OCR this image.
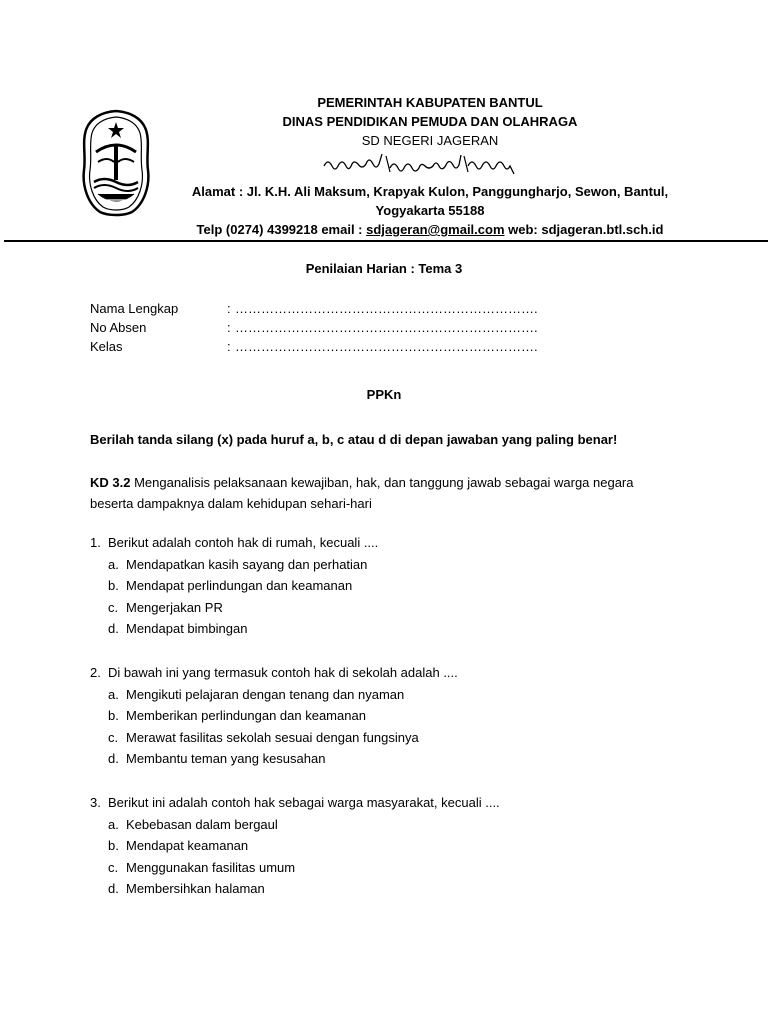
PEMERINTAH KABUPATEN BANTUL
DINAS PENDIDIKAN PEMUDA DAN OLAHRAGA
SD NEGERI JAGERAN
Alamat : Jl. K.H. Ali Maksum, Krapyak Kulon, Panggungharjo, Sewon, Bantul,
Yogyakarta 55188
Telp (0274) 4399218 email : sdjageran@gmail.com web: sdjageran.btl.sch.id
Penilaian Harian : Tema 3
Nama Lengkap	: …………………………………………………………….
No Absen	: …………………………………………………………….
Kelas	: …………………………………………………………….
PPKn
Berilah tanda silang (x) pada huruf a, b, c atau d di depan jawaban yang paling benar!
KD 3.2 Menganalisis pelaksanaan kewajiban, hak, dan tanggung jawab sebagai warga negara beserta dampaknya dalam kehidupan sehari-hari
1. Berikut adalah contoh hak di rumah, kecuali ....
a. Mendapatkan kasih sayang dan perhatian
b. Mendapat perlindungan dan keamanan
c. Mengerjakan PR
d. Mendapat bimbingan
2. Di bawah ini yang termasuk contoh hak di sekolah adalah ....
a. Mengikuti pelajaran dengan tenang dan nyaman
b. Memberikan perlindungan dan keamanan
c. Merawat fasilitas sekolah sesuai dengan fungsinya
d. Membantu teman yang kesusahan
3. Berikut ini adalah contoh hak sebagai warga masyarakat, kecuali ....
a. Kebebasan dalam bergaul
b. Mendapat keamanan
c. Menggunakan fasilitas umum
d. Membersihkan halaman
